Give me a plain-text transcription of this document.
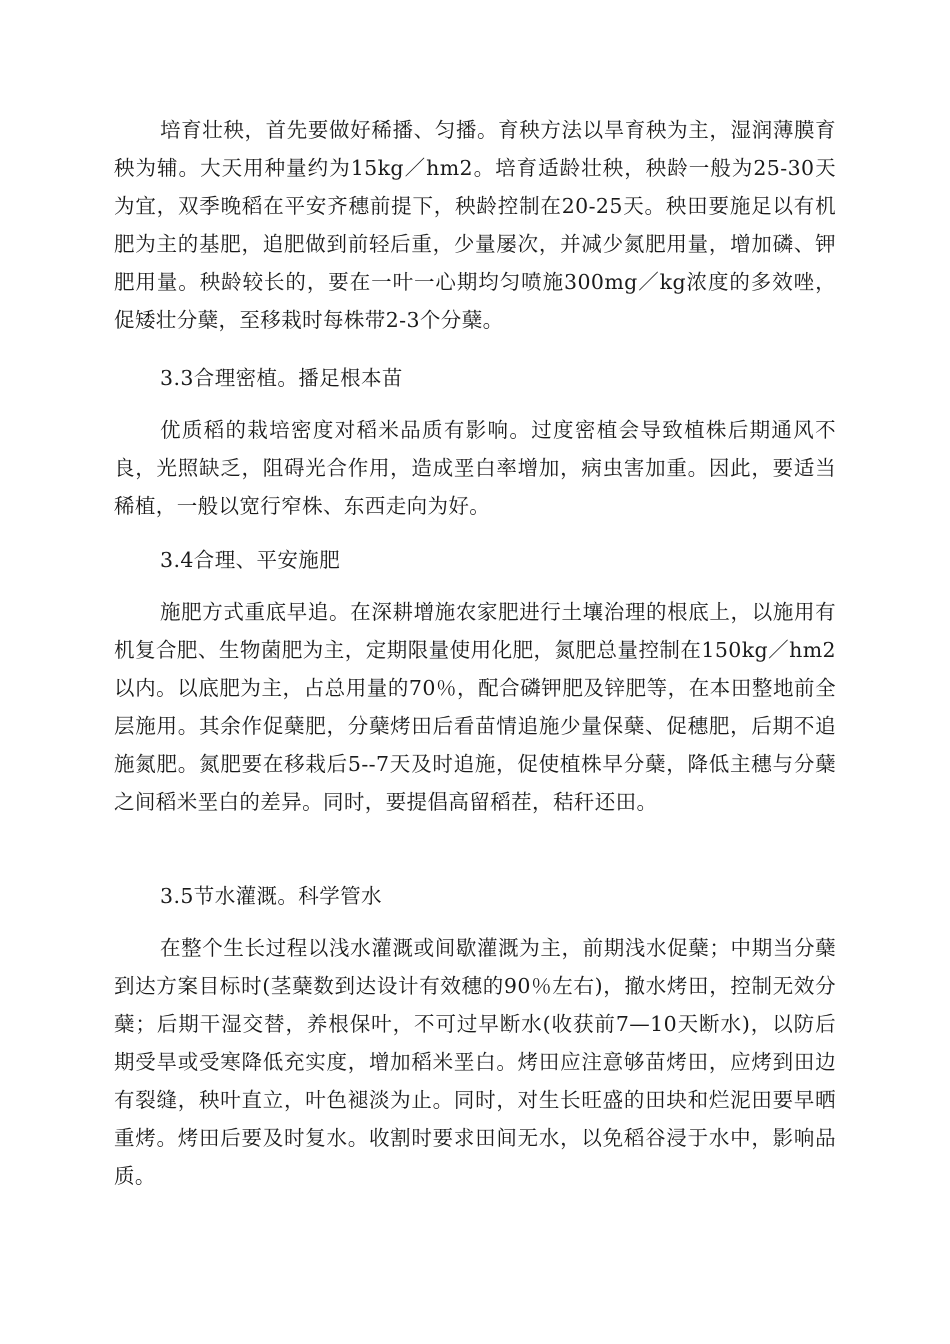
培育壮秧，首先要做好稀播、匀播。育秧方法以旱育秧为主，湿润薄膜育秧为辅。大天用种量约为15kg／hm2。培育适龄壮秧，秧龄一般为25-30天为宜，双季晚稻在平安齐穗前提下，秧龄控制在20-25天。秧田要施足以有机肥为主的基肥，追肥做到前轻后重，少量屡次，并减少氮肥用量，增加磷、钾肥用量。秧龄较长的，要在一叶一心期均匀喷施300mg／kg浓度的多效唑，促矮壮分蘖，至移栽时每株带2-3个分蘖。

3.3合理密植。播足根本苗

优质稻的栽培密度对稻米品质有影响。过度密植会导致植株后期通风不良，光照缺乏，阻碍光合作用，造成垩白率增加，病虫害加重。因此，要适当稀植，一般以宽行窄株、东西走向为好。

3.4合理、平安施肥

施肥方式重底早追。在深耕增施农家肥进行土壤治理的根底上，以施用有机复合肥、生物菌肥为主，定期限量使用化肥，氮肥总量控制在150kg／hm2以内。以底肥为主，占总用量的70％，配合磷钾肥及锌肥等，在本田整地前全层施用。其余作促蘖肥，分蘖烤田后看苗情追施少量保蘖、促穗肥，后期不追施氮肥。氮肥要在移栽后5--7天及时追施，促使植株早分蘖，降低主穗与分蘖之间稻米垩白的差异。同时，要提倡高留稻茬，秸秆还田。

3.5节水灌溉。科学管水

在整个生长过程以浅水灌溉或间歇灌溉为主，前期浅水促蘖；中期当分蘖到达方案目标时(茎蘖数到达设计有效穗的90％左右)，撤水烤田，控制无效分蘖；后期干湿交替，养根保叶，不可过早断水(收获前7—10天断水)，以防后期受旱或受寒降低充实度，增加稻米垩白。烤田应注意够苗烤田，应烤到田边有裂缝，秧叶直立，叶色褪淡为止。同时，对生长旺盛的田块和烂泥田要早晒重烤。烤田后要及时复水。收割时要求田间无水，以免稻谷浸于水中，影响品质。
